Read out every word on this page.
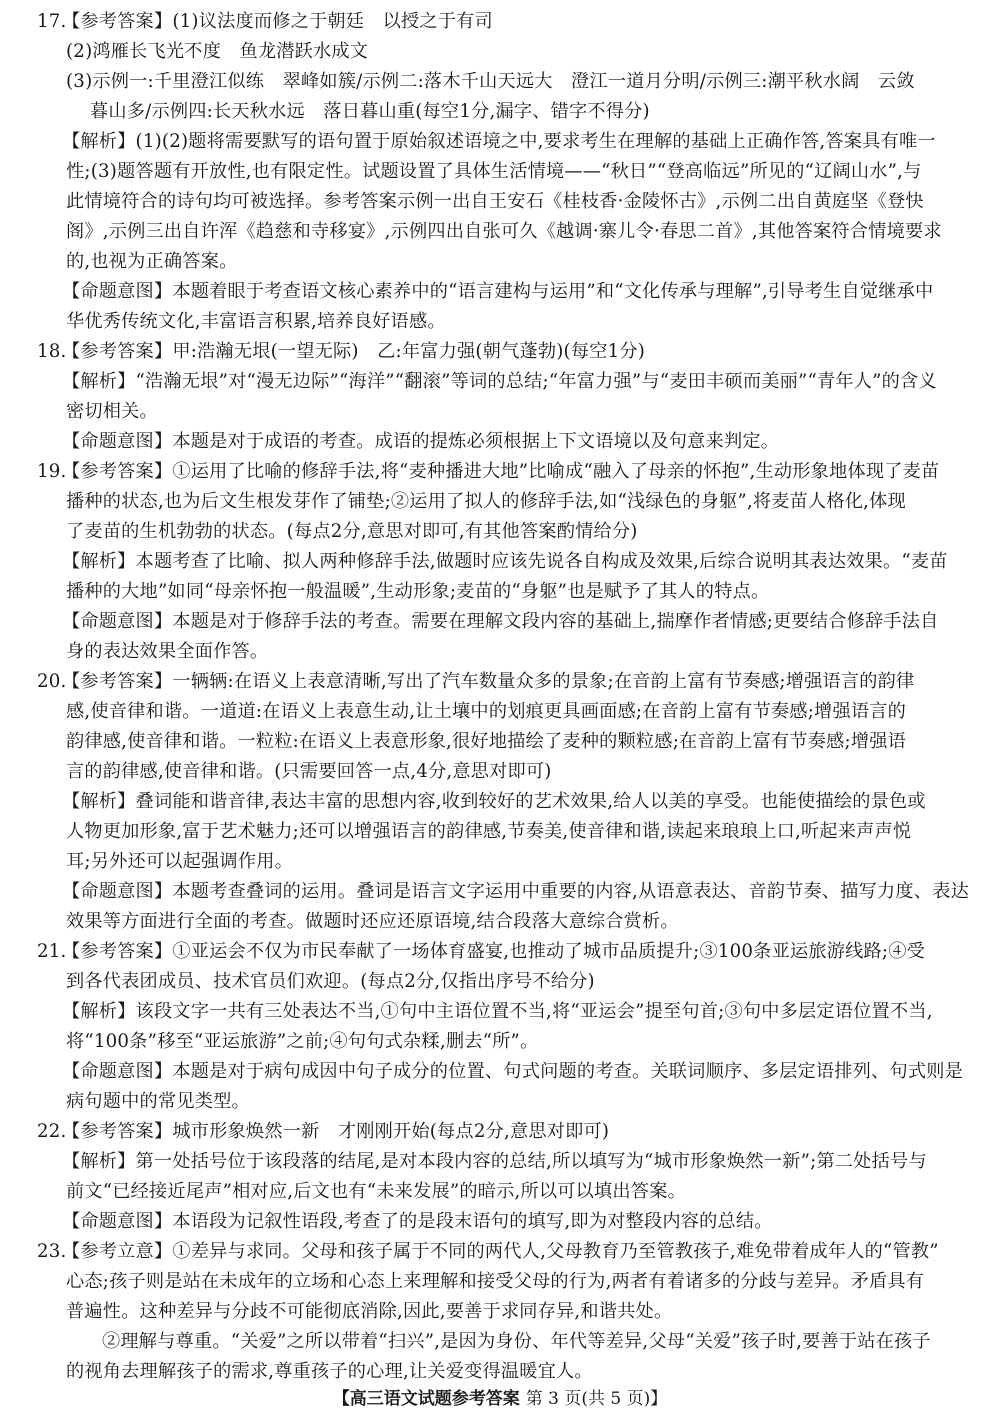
17.
【参考答案】(1)议法度而修之于朝廷　以授之于有司
(2)鸿雁长飞光不度　鱼龙潜跃水成文
(3)示例一:千里澄江似练　翠峰如簇/示例二:落木千山天远大　澄江一道月分明/示例三:潮平秋水阔　云敛
暮山多/示例四:长天秋水远　落日暮山重(每空1分,漏字、错字不得分)
【解析】(1)(2)题将需要默写的语句置于原始叙述语境之中,要求考生在理解的基础上正确作答,答案具有唯一
性;(3)题答题有开放性,也有限定性。试题设置了具体生活情境——“秋日”“登高临远”所见的“辽阔山水”,与
此情境符合的诗句均可被选择。参考答案示例一出自王安石《桂枝香·金陵怀古》,示例二出自黄庭坚《登快
阁》,示例三出自许浑《趋慈和寺移宴》,示例四出自张可久《越调·寨儿令·春思二首》,其他答案符合情境要求
的,也视为正确答案。
【命题意图】本题着眼于考查语文核心素养中的“语言建构与运用”和“文化传承与理解”,引导考生自觉继承中
华优秀传统文化,丰富语言积累,培养良好语感。
18.
【参考答案】甲:浩瀚无垠(一望无际)　乙:年富力强(朝气蓬勃)(每空1分)
【解析】“浩瀚无垠”对“漫无边际”“海洋”“翻滚”等词的总结;“年富力强”与“麦田丰硕而美丽”“青年人”的含义
密切相关。
【命题意图】本题是对于成语的考查。成语的提炼必须根据上下文语境以及句意来判定。
19.
【参考答案】①运用了比喻的修辞手法,将“麦种播进大地”比喻成“融入了母亲的怀抱”,生动形象地体现了麦苗
播种的状态,也为后文生根发芽作了铺垫;②运用了拟人的修辞手法,如“浅绿色的身躯”,将麦苗人格化,体现
了麦苗的生机勃勃的状态。(每点2分,意思对即可,有其他答案酌情给分)
【解析】本题考查了比喻、拟人两种修辞手法,做题时应该先说各自构成及效果,后综合说明其表达效果。“麦苗
播种的大地”如同“母亲怀抱一般温暖”,生动形象;麦苗的“身躯”也是赋予了其人的特点。
【命题意图】本题是对于修辞手法的考查。需要在理解文段内容的基础上,揣摩作者情感;更要结合修辞手法自
身的表达效果全面作答。
20.
【参考答案】一辆辆:在语义上表意清晰,写出了汽车数量众多的景象;在音韵上富有节奏感;增强语言的韵律
感,使音律和谐。一道道:在语义上表意生动,让土壤中的划痕更具画面感;在音韵上富有节奏感;增强语言的
韵律感,使音律和谐。一粒粒:在语义上表意形象,很好地描绘了麦种的颗粒感;在音韵上富有节奏感;增强语
言的韵律感,使音律和谐。(只需要回答一点,4分,意思对即可)
【解析】叠词能和谐音律,表达丰富的思想内容,收到较好的艺术效果,给人以美的享受。也能使描绘的景色或
人物更加形象,富于艺术魅力;还可以增强语言的韵律感,节奏美,使音律和谐,读起来琅琅上口,听起来声声悦
耳;另外还可以起强调作用。
【命题意图】本题考查叠词的运用。叠词是语言文字运用中重要的内容,从语意表达、音韵节奏、描写力度、表达
效果等方面进行全面的考查。做题时还应还原语境,结合段落大意综合赏析。
21.
【参考答案】①亚运会不仅为市民奉献了一场体育盛宴,也推动了城市品质提升;③100条亚运旅游线路;④受
到各代表团成员、技术官员们欢迎。(每点2分,仅指出序号不给分)
【解析】该段文字一共有三处表达不当,①句中主语位置不当,将“亚运会”提至句首;③句中多层定语位置不当,
将“100条”移至“亚运旅游”之前;④句句式杂糅,删去“所”。
【命题意图】本题是对于病句成因中句子成分的位置、句式问题的考查。关联词顺序、多层定语排列、句式则是
病句题中的常见类型。
22.
【参考答案】城市形象焕然一新　才刚刚开始(每点2分,意思对即可)
【解析】第一处括号位于该段落的结尾,是对本段内容的总结,所以填写为“城市形象焕然一新”;第二处括号与
前文“已经接近尾声”相对应,后文也有“未来发展”的暗示,所以可以填出答案。
【命题意图】本语段为记叙性语段,考查了的是段末语句的填写,即为对整段内容的总结。
23.
【参考立意】①差异与求同。父母和孩子属于不同的两代人,父母教育乃至管教孩子,难免带着成年人的“管教”
心态;孩子则是站在未成年的立场和心态上来理解和接受父母的行为,两者有着诸多的分歧与差异。矛盾具有
普遍性。这种差异与分歧不可能彻底消除,因此,要善于求同存异,和谐共处。
②理解与尊重。“关爱”之所以带着“扫兴”,是因为身份、年代等差异,父母“关爱”孩子时,要善于站在孩子
的视角去理解孩子的需求,尊重孩子的心理,让关爱变得温暖宜人。
【高三语文试题参考答案 第 3 页(共 5 页)】
